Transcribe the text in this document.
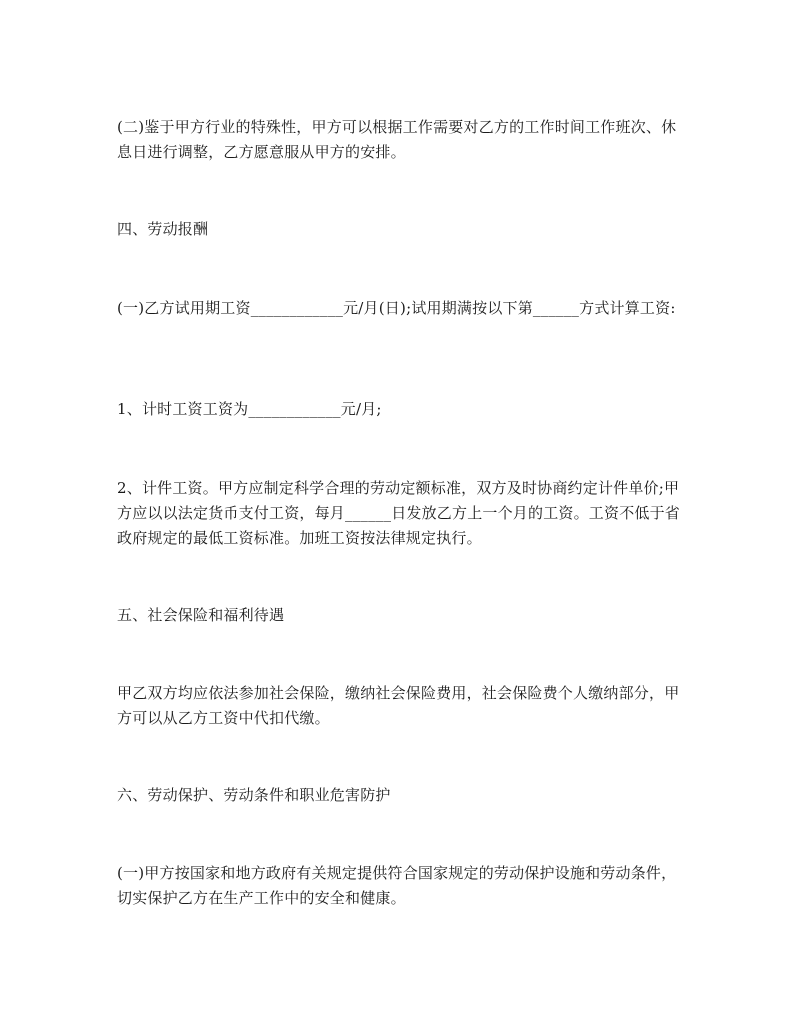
(二)鉴于甲方行业的特殊性，甲方可以根据工作需要对乙方的工作时间工作班次、休息日进行调整，乙方愿意服从甲方的安排。

四、劳动报酬

(一)乙方试用期工资____________元/月(日);试用期满按以下第______方式计算工资:

1、计时工资工资为____________元/月;

2、计件工资。甲方应制定科学合理的劳动定额标准，双方及时协商约定计件单价;甲方应以以法定货币支付工资，每月______日发放乙方上一个月的工资。工资不低于省政府规定的最低工资标准。加班工资按法律规定执行。

五、社会保险和福利待遇

甲乙双方均应依法参加社会保险，缴纳社会保险费用，社会保险费个人缴纳部分，甲方可以从乙方工资中代扣代缴。

六、劳动保护、劳动条件和职业危害防护

(一)甲方按国家和地方政府有关规定提供符合国家规定的劳动保护设施和劳动条件，切实保护乙方在生产工作中的安全和健康。
